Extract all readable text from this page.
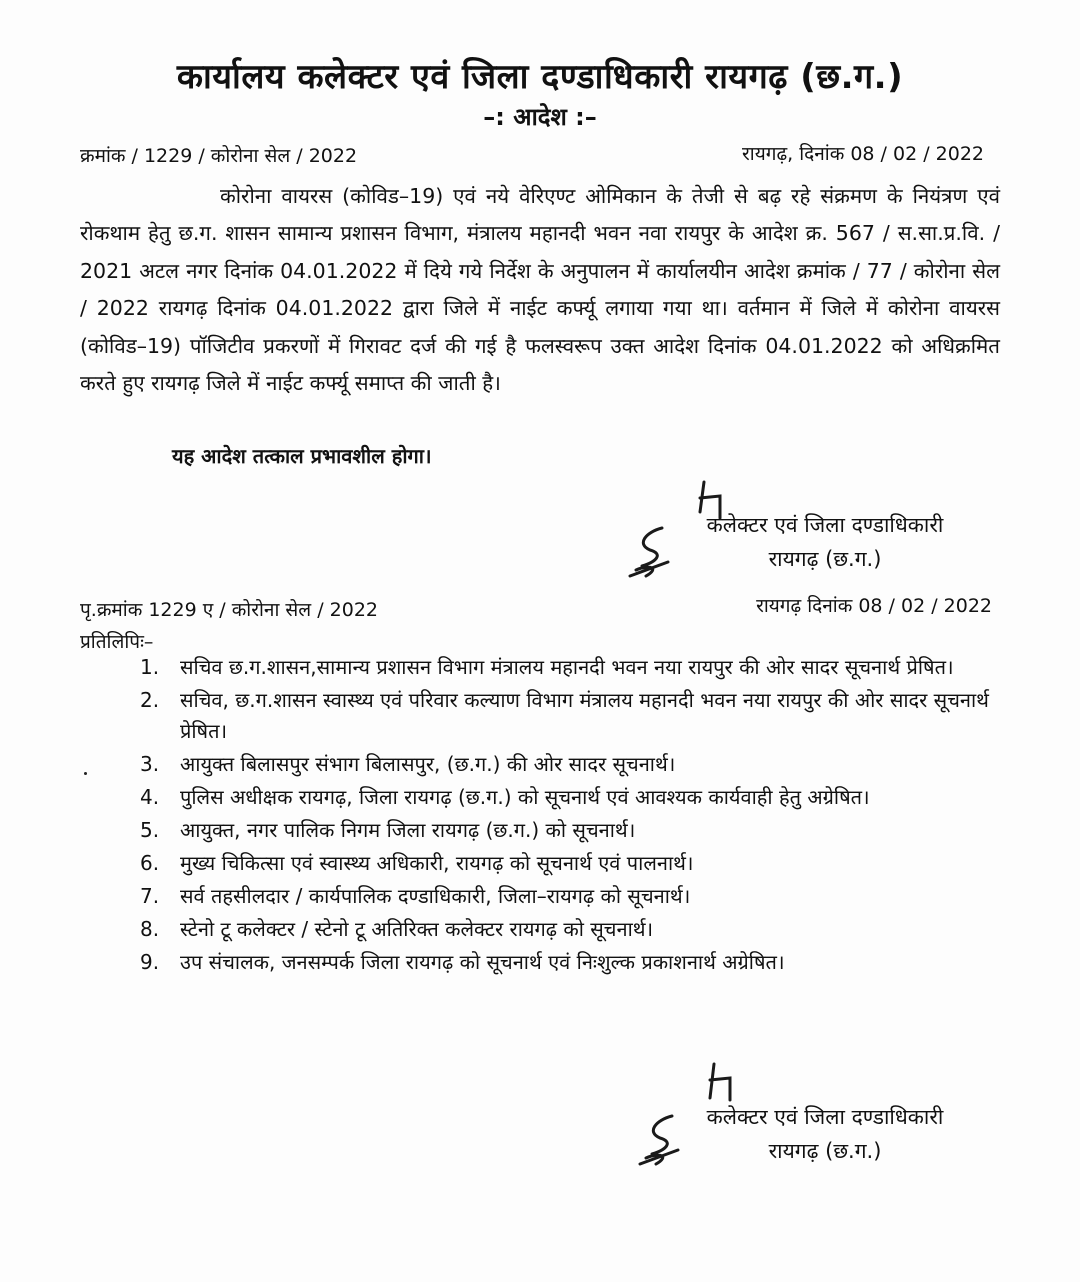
कार्यालय कलेक्टर एवं जिला दण्डाधिकारी रायगढ़ (छ.ग.)
–: आदेश :–
क्रमांक / 1229 / कोरोना सेल / 2022	रायगढ़, दिनांक 08 / 02 / 2022
कोरोना वायरस (कोविड–19) एवं नये वेरिएण्ट ओमिकान के तेजी से बढ़ रहे संक्रमण के नियंत्रण एवं रोकथाम हेतु छ.ग. शासन सामान्य प्रशासन विभाग, मंत्रालय महानदी भवन नवा रायपुर के आदेश क्र. 567 / स.सा.प्र.वि. / 2021 अटल नगर दिनांक 04.01.2022 में दिये गये निर्देश के अनुपालन में कार्यालयीन आदेश क्रमांक / 77 / कोरोना सेल / 2022 रायगढ़ दिनांक 04.01.2022 द्वारा जिले में नाईट कर्फ्यू लगाया गया था। वर्तमान में जिले में कोरोना वायरस (कोविड–19) पॉजिटीव प्रकरणों में गिरावट दर्ज की गई है फलस्वरूप उक्त आदेश दिनांक 04.01.2022 को अधिक्रमित करते हुए रायगढ़ जिले में नाईट कर्फ्यू समाप्त की जाती है।
यह आदेश तत्काल प्रभावशील होगा।
कलेक्टर एवं जिला दण्डाधिकारी
रायगढ़ (छ.ग.)
पृ.क्रमांक 1229 ए / कोरोना सेल / 2022	रायगढ़ दिनांक 08 / 02 / 2022
प्रतिलिपिः–
1.	सचिव छ.ग.शासन,सामान्य प्रशासन विभाग मंत्रालय महानदी भवन नया रायपुर की ओर सादर सूचनार्थ प्रेषित।
2.	सचिव, छ.ग.शासन स्वास्थ्य एवं परिवार कल्याण विभाग मंत्रालय महानदी भवन नया रायपुर की ओर सादर सूचनार्थ प्रेषित।
3.	आयुक्त बिलासपुर संभाग बिलासपुर, (छ.ग.) की ओर सादर सूचनार्थ।
4.	पुलिस अधीक्षक रायगढ़, जिला रायगढ़ (छ.ग.) को सूचनार्थ एवं आवश्यक कार्यवाही हेतु अग्रेषित।
5.	आयुक्त, नगर पालिक निगम जिला रायगढ़ (छ.ग.) को सूचनार्थ।
6.	मुख्य चिकित्सा एवं स्वास्थ्य अधिकारी, रायगढ़ को सूचनार्थ एवं पालनार्थ।
7.	सर्व तहसीलदार / कार्यपालिक दण्डाधिकारी, जिला–रायगढ़ को सूचनार्थ।
8.	स्टेनो टू कलेक्टर / स्टेनो टू अतिरिक्त कलेक्टर रायगढ़ को सूचनार्थ।
9.	उप संचालक, जनसम्पर्क जिला रायगढ़ को सूचनार्थ एवं निःशुल्क प्रकाशनार्थ अग्रेषित।
कलेक्टर एवं जिला दण्डाधिकारी
रायगढ़ (छ.ग.)
